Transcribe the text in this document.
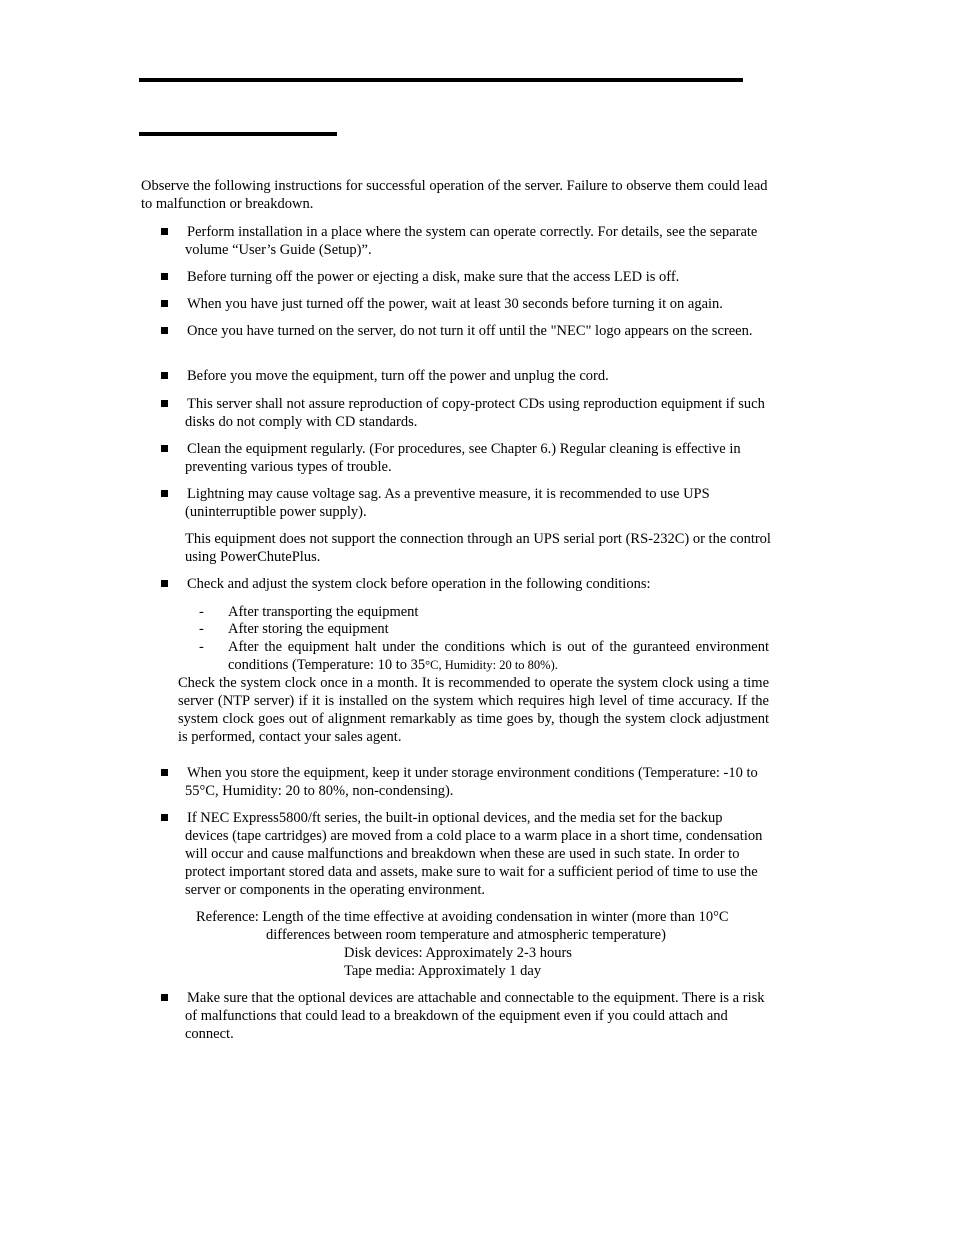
Observe the following instructions for successful operation of the server. Failure to observe them could lead to malfunction or breakdown.

Perform installation in a place where the system can operate correctly. For details, see the separate volume “User’s Guide (Setup)”.
Before turning off the power or ejecting a disk, make sure that the access LED is off.
When you have just turned off the power, wait at least 30 seconds before turning it on again.
Once you have turned on the server, do not turn it off until the "NEC" logo appears on the screen.
Before you move the equipment, turn off the power and unplug the cord.
This server shall not assure reproduction of copy-protect CDs using reproduction equipment if such disks do not comply with CD standards.
Clean the equipment regularly. (For procedures, see Chapter 6.) Regular cleaning is effective in preventing various types of trouble.
Lightning may cause voltage sag. As a preventive measure, it is recommended to use UPS (uninterruptible power supply).

This equipment does not support the connection through an UPS serial port (RS-232C) or the control using PowerChutePlus.

Check and adjust the system clock before operation in the following conditions:
- After transporting the equipment
- After storing the equipment
- After the equipment halt under the conditions which is out of the guranteed environment conditions (Temperature: 10 to 35°C, Humidity: 20 to 80%).

Check the system clock once in a month. It is recommended to operate the system clock using a time server (NTP server) if it is installed on the system which requires high level of time accuracy. If the system clock goes out of alignment remarkably as time goes by, though the system clock adjustment is performed, contact your sales agent.

When you store the equipment, keep it under storage environment conditions (Temperature: -10 to 55°C, Humidity: 20 to 80%, non-condensing).
If NEC Express5800/ft series, the built-in optional devices, and the media set for the backup devices (tape cartridges) are moved from a cold place to a warm place in a short time, condensation will occur and cause malfunctions and breakdown when these are used in such state. In order to protect important stored data and assets, make sure to wait for a sufficient period of time to use the server or components in the operating environment.

Reference: Length of the time effective at avoiding condensation in winter (more than 10°C

differences between room temperature and atmospheric temperature)

Disk devices: Approximately 2-3 hours

Tape media: Approximately 1 day

Make sure that the optional devices are attachable and connectable to the equipment. There is a risk of malfunctions that could lead to a breakdown of the equipment even if you could attach and connect.
